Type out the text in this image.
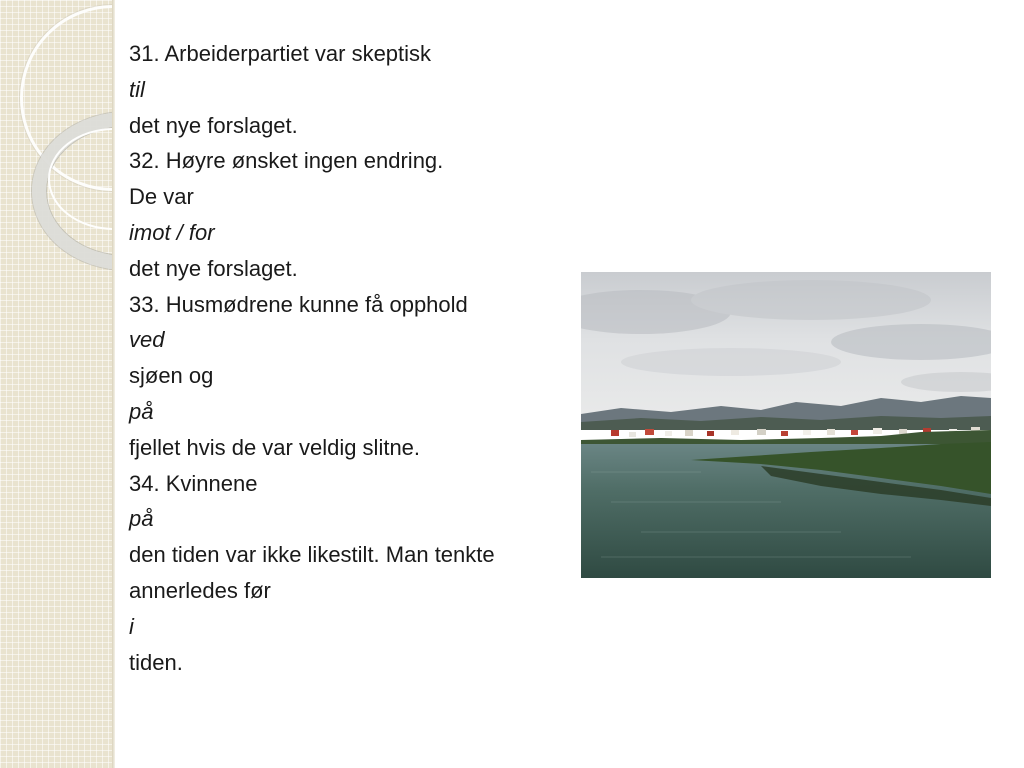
31. Arbeiderpartiet var skeptisk
til
det nye forslaget.
32. Høyre ønsket ingen endring.
De var
imot / for
det nye forslaget.
33. Husmødrene kunne få opphold
ved
sjøen og
på
fjellet hvis de var veldig slitne.
34. Kvinnene
på
den tiden var ikke likestilt. Man tenkte
annerledes før
i
tiden.
